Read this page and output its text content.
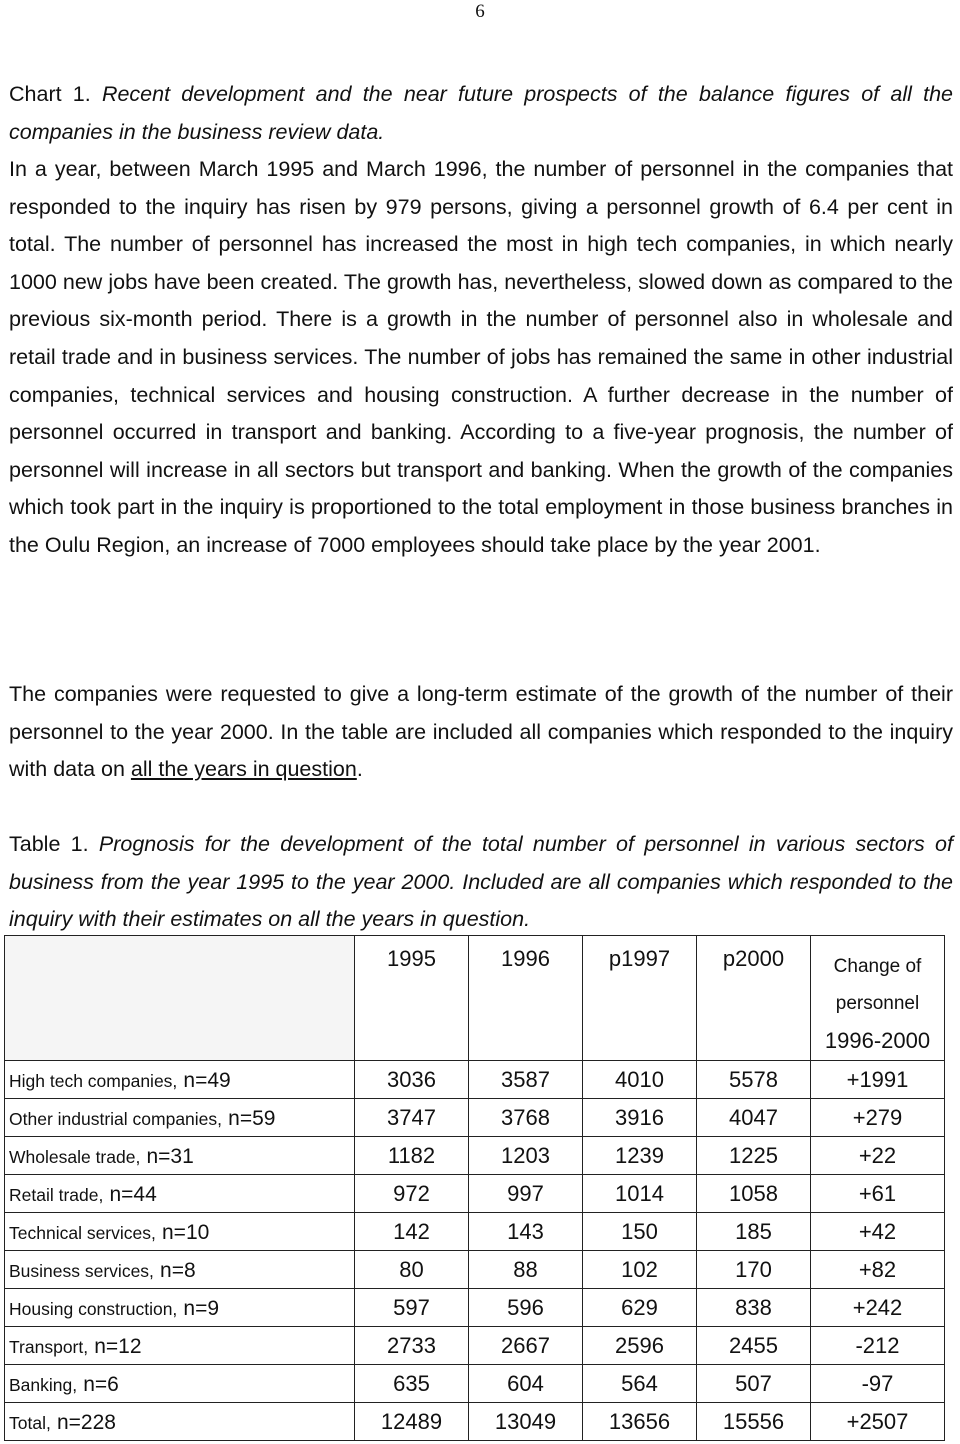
6

Chart 1. Recent development and the near future prospects of the balance figures of all the companies in the business review data.

In a year, between March 1995 and March 1996, the number of personnel in the companies that responded to the inquiry has risen by 979 persons, giving a personnel growth of 6.4 per cent in total. The number of personnel has increased the most in high tech companies, in which nearly 1000 new jobs have been created. The growth has, nevertheless, slowed down as compared to the previous six-month period. There is a growth in the number of personnel also in wholesale and retail trade and in business services. The number of jobs has remained the same in other industrial companies, technical services and housing construction. A further decrease in the number of personnel occurred in transport and banking. According to a five-year prognosis, the number of personnel will increase in all sectors but transport and banking. When the growth of the companies which took part in the inquiry is proportioned to the total employment in those business branches in the Oulu Region, an increase of 7000 employees should take place by the year 2001.

The companies were requested to give a long-term estimate of the growth of the number of their personnel to the year 2000. In the table are included all companies which responded to the inquiry with data on all the years in question.

Table 1. Prognosis for the development of the total number of personnel in various sectors of business from the year 1995 to the year 2000. Included are all companies which responded to the inquiry with their estimates on all the years in question.

	1995	1996	p1997	p2000	Change of
personnel
1996-2000

High tech companies, n=49	3036	3587	4010	5578	+1991
Other industrial companies, n=59	3747	3768	3916	4047	+279
Wholesale trade, n=31	1182	1203	1239	1225	+22
Retail trade, n=44	972	997	1014	1058	+61
Technical services, n=10	142	143	150	185	+42
Business services, n=8	80	88	102	170	+82
Housing construction, n=9	597	596	629	838	+242
Transport, n=12	2733	2667	2596	2455	-212
Banking, n=6	635	604	564	507	-97
Total, n=228	12489	13049	13656	15556	+2507
